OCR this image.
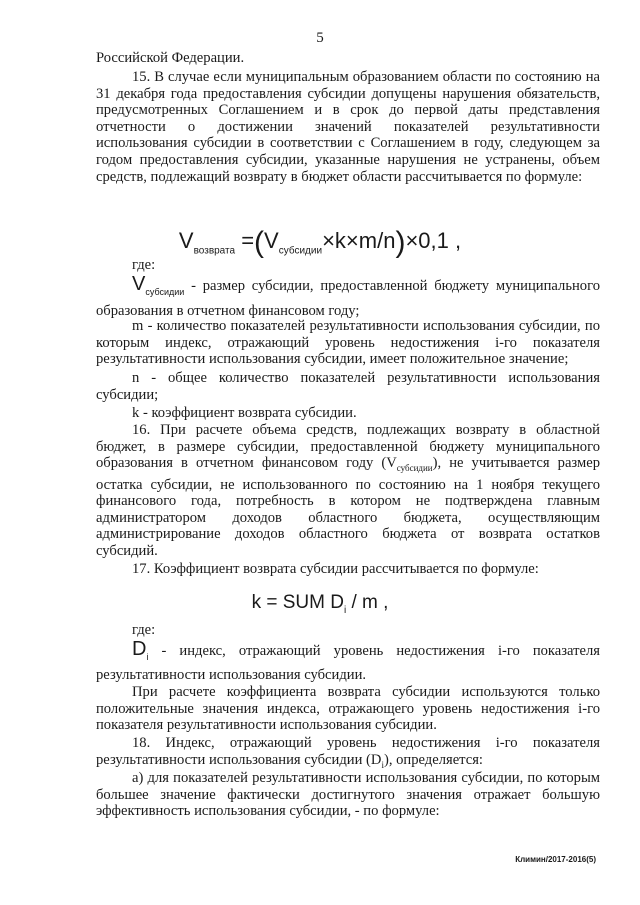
5
Российской Федерации.
15. В случае если муниципальным образованием области по состоянию на 31 декабря года предоставления субсидии допущены нарушения обязательств, предусмотренных Соглашением и в срок до первой даты представления отчетности о достижении значений показателей результативности использования субсидии в соответствии с Соглашением в году, следующем за годом предоставления субсидии, указанные нарушения не устранены, объем средств, подлежащий возврату в бюджет области рассчитывается по формуле:
$V_{возврата} =(V_{субсидии}\times k\times m/n)\times 0,1$ ,
где:
$V_{субсидии}$ - размер субсидии, предоставленной бюджету муниципального образования в отчетном финансовом году;
m - количество показателей результативности использования субсидии, по которым индекс, отражающий уровень недостижения i-го показателя результативности использования субсидии, имеет положительное значение;
n - общее количество показателей результативности использования субсидии;
k - коэффициент возврата субсидии.
16. При расчете объема средств, подлежащих возврату в областной бюджет, в размере субсидии, предоставленной бюджету муниципального образования в отчетном финансовом году $(V_{субсидии})$, не учитывается размер остатка субсидии, не использованного по состоянию на 1 ноября текущего финансового года, потребность в котором не подтверждена главным администратором доходов областного бюджета, осуществляющим администрирование доходов областного бюджета от возврата остатков субсидий.
17. Коэффициент возврата субсидии рассчитывается по формуле:
k = SUM $D_i$ / m ,
где:
$D_i$ - индекс, отражающий уровень недостижения i-го показателя результативности использования субсидии.
При расчете коэффициента возврата субсидии используются только положительные значения индекса, отражающего уровень недостижения i-го показателя результативности использования субсидии.
18. Индекс, отражающий уровень недостижения i-го показателя результативности использования субсидии $(D_i)$, определяется:
а) для показателей результативности использования субсидии, по которым большее значение фактически достигнутого значения отражает большую эффективность использования субсидии, - по формуле:
Климин/2017-2016(5)
